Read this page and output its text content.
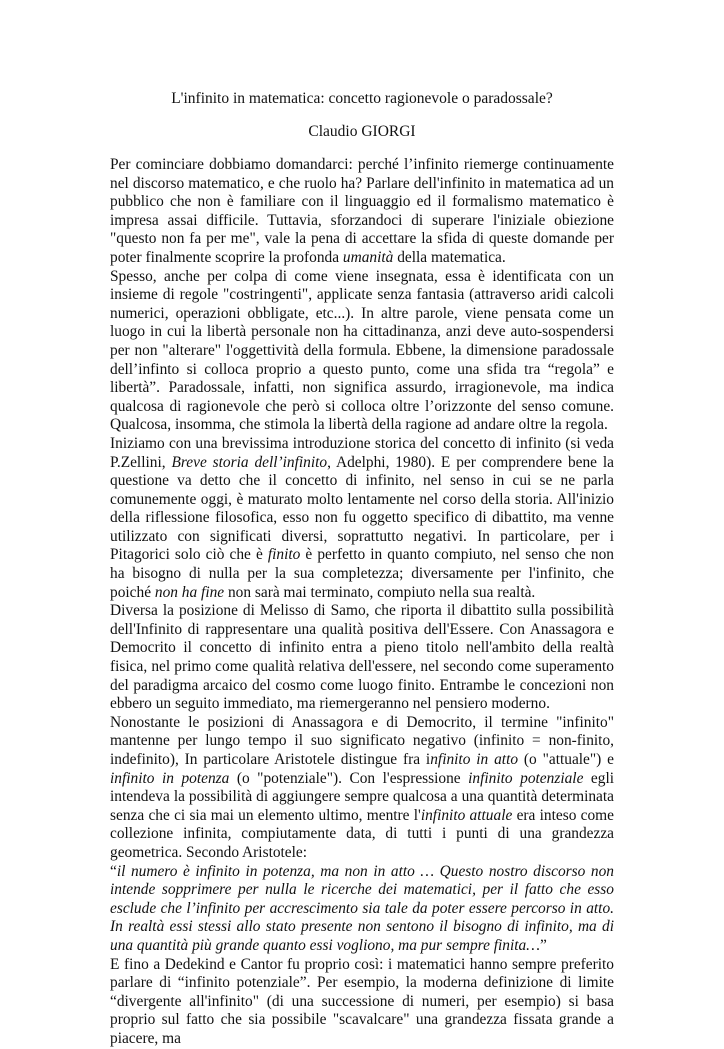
L'infinito in matematica: concetto ragionevole o paradossale?
Claudio GIORGI

Per cominciare dobbiamo domandarci: perché l’infinito riemerge continuamente nel discorso matematico, e che ruolo ha? Parlare dell'infinito in matematica ad un pubblico che non è familiare con il linguaggio ed il formalismo matematico è impresa assai difficile. Tuttavia, sforzandoci di superare l'iniziale obiezione "questo non fa per me", vale la pena di accettare la sfida di queste domande per poter finalmente scoprire la profonda umanità della matematica.

Spesso, anche per colpa di come viene insegnata, essa è identificata con un insieme di regole "costringenti", applicate senza fantasia (attraverso aridi calcoli numerici, operazioni obbligate, etc...). In altre parole, viene pensata come un luogo in cui la libertà personale non ha cittadinanza, anzi deve auto-sospendersi per non "alterare" l'oggettività della formula. Ebbene, la dimensione paradossale dell’infinto si colloca proprio a questo punto, come una sfida tra “regola” e libertà”. Paradossale, infatti, non significa assurdo, irragionevole, ma indica qualcosa di ragionevole che però si colloca oltre l’orizzonte del senso comune. Qualcosa, insomma, che stimola la libertà della ragione ad andare oltre la regola.

Iniziamo con una brevissima introduzione storica del concetto di infinito (si veda P.Zellini, Breve storia dell’infinito, Adelphi, 1980). E per comprendere bene la questione va detto che il concetto di infinito, nel senso in cui se ne parla comunemente oggi, è maturato molto lentamente nel corso della storia. All'inizio della riflessione filosofica, esso non fu oggetto specifico di dibattito, ma venne utilizzato con significati diversi, soprattutto negativi. In particolare, per i Pitagorici solo ciò che è finito è perfetto in quanto compiuto, nel senso che non ha bisogno di nulla per la sua completezza; diversamente per l'infinito, che poiché non ha fine non sarà mai terminato, compiuto nella sua realtà.

Diversa la posizione di Melisso di Samo, che riporta il dibattito sulla possibilità dell'Infinito di rappresentare una qualità positiva dell'Essere. Con Anassagora e Democrito il concetto di infinito entra a pieno titolo nell'ambito della realtà fisica, nel primo come qualità relativa dell'essere, nel secondo come superamento del paradigma arcaico del cosmo come luogo finito. Entrambe le concezioni non ebbero un seguito immediato, ma riemergeranno nel pensiero moderno.

Nonostante le posizioni di Anassagora e di Democrito, il termine "infinito" mantenne per lungo tempo il suo significato negativo (infinito = non-finito, indefinito), In particolare Aristotele distingue fra infinito in atto (o "attuale") e infinito in potenza (o "potenziale"). Con l'espressione infinito potenziale egli intendeva la possibilità di aggiungere sempre qualcosa a una quantità determinata senza che ci sia mai un elemento ultimo, mentre l'infinito attuale era inteso come collezione infinita, compiutamente data, di tutti i punti di una grandezza geometrica. Secondo Aristotele:

“il numero è infinito in potenza, ma non in atto … Questo nostro discorso non intende sopprimere per nulla le ricerche dei matematici, per il fatto che esso esclude che l’infinito per accrescimento sia tale da poter essere percorso in atto. In realtà essi stessi allo stato presente non sentono il bisogno di infinito, ma di una quantità più grande quanto essi vogliono, ma pur sempre finita…”

E fino a Dedekind e Cantor fu proprio così: i matematici hanno sempre preferito parlare di “infinito potenziale”. Per esempio, la moderna definizione di limite “divergente all'infinito" (di una successione di numeri, per esempio) si basa proprio sul fatto che sia possibile "scavalcare" una grandezza fissata grande a piacere, ma
